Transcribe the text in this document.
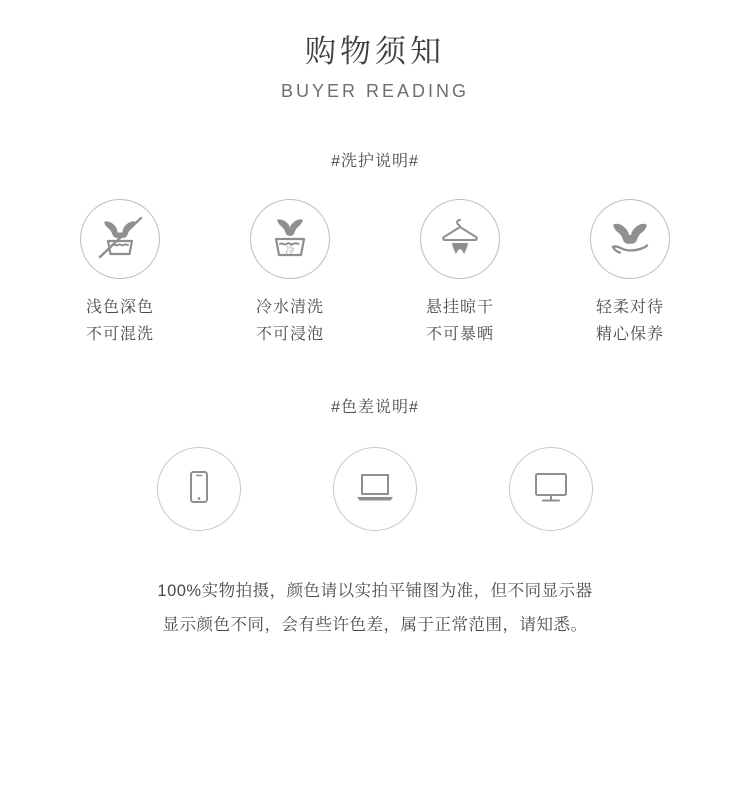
购物须知
BUYER READING
#洗护说明#
浅色深色
不可混洗
冷
冷水清洗
不可浸泡
悬挂晾干
不可暴晒
轻柔对待
精心保养
#色差说明#
100%实物拍摄，颜色请以实拍平铺图为准，但不同显示器
显示颜色不同，会有些许色差，属于正常范围，请知悉。
